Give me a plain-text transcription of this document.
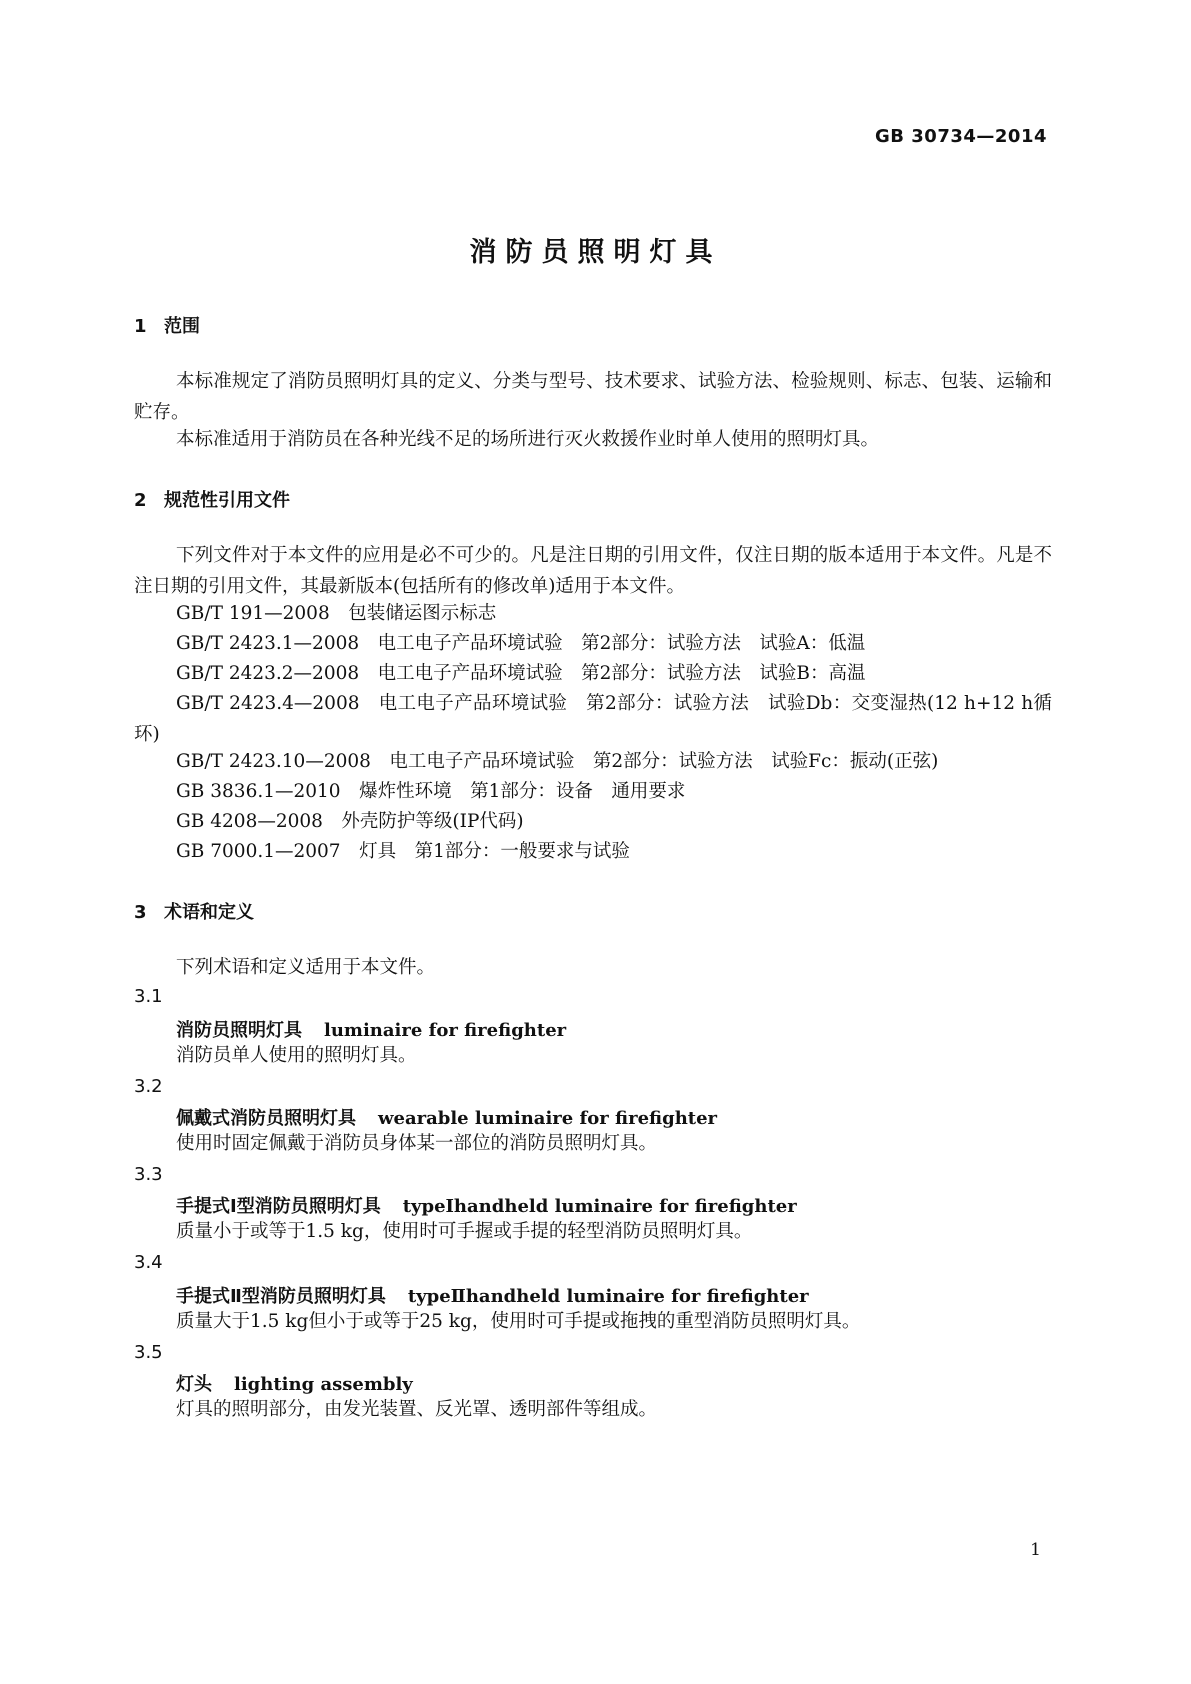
GB 30734—2014
消防员照明灯具
1 范围
本标准规定了消防员照明灯具的定义、分类与型号、技术要求、试验方法、检验规则、标志、包装、运输和贮存。
本标准适用于消防员在各种光线不足的场所进行灭火救援作业时单人使用的照明灯具。
2 规范性引用文件
下列文件对于本文件的应用是必不可少的。凡是注日期的引用文件，仅注日期的版本适用于本文件。凡是不注日期的引用文件，其最新版本(包括所有的修改单)适用于本文件。
GB/T 191—2008　包装储运图示标志
GB/T 2423.1—2008　电工电子产品环境试验　第2部分：试验方法　试验A：低温
GB/T 2423.2—2008　电工电子产品环境试验　第2部分：试验方法　试验B：高温
GB/T 2423.4—2008　电工电子产品环境试验　第2部分：试验方法　试验Db：交变湿热(12 h+12 h循环)
GB/T 2423.10—2008　电工电子产品环境试验　第2部分：试验方法　试验Fc：振动(正弦)
GB 3836.1—2010　爆炸性环境　第1部分：设备　通用要求
GB 4208—2008　外壳防护等级(IP代码)
GB 7000.1—2007　灯具　第1部分：一般要求与试验
3 术语和定义
下列术语和定义适用于本文件。
3.1
消防员照明灯具 luminaire for firefighter
消防员单人使用的照明灯具。
3.2
佩戴式消防员照明灯具 wearable luminaire for firefighter
使用时固定佩戴于消防员身体某一部位的消防员照明灯具。
3.3
手提式Ⅰ型消防员照明灯具 typeⅠhandheld luminaire for firefighter
质量小于或等于1.5 kg，使用时可手握或手提的轻型消防员照明灯具。
3.4
手提式Ⅱ型消防员照明灯具 typeⅡhandheld luminaire for firefighter
质量大于1.5 kg但小于或等于25 kg，使用时可手提或拖拽的重型消防员照明灯具。
3.5
灯头 lighting assembly
灯具的照明部分，由发光装置、反光罩、透明部件等组成。
1
